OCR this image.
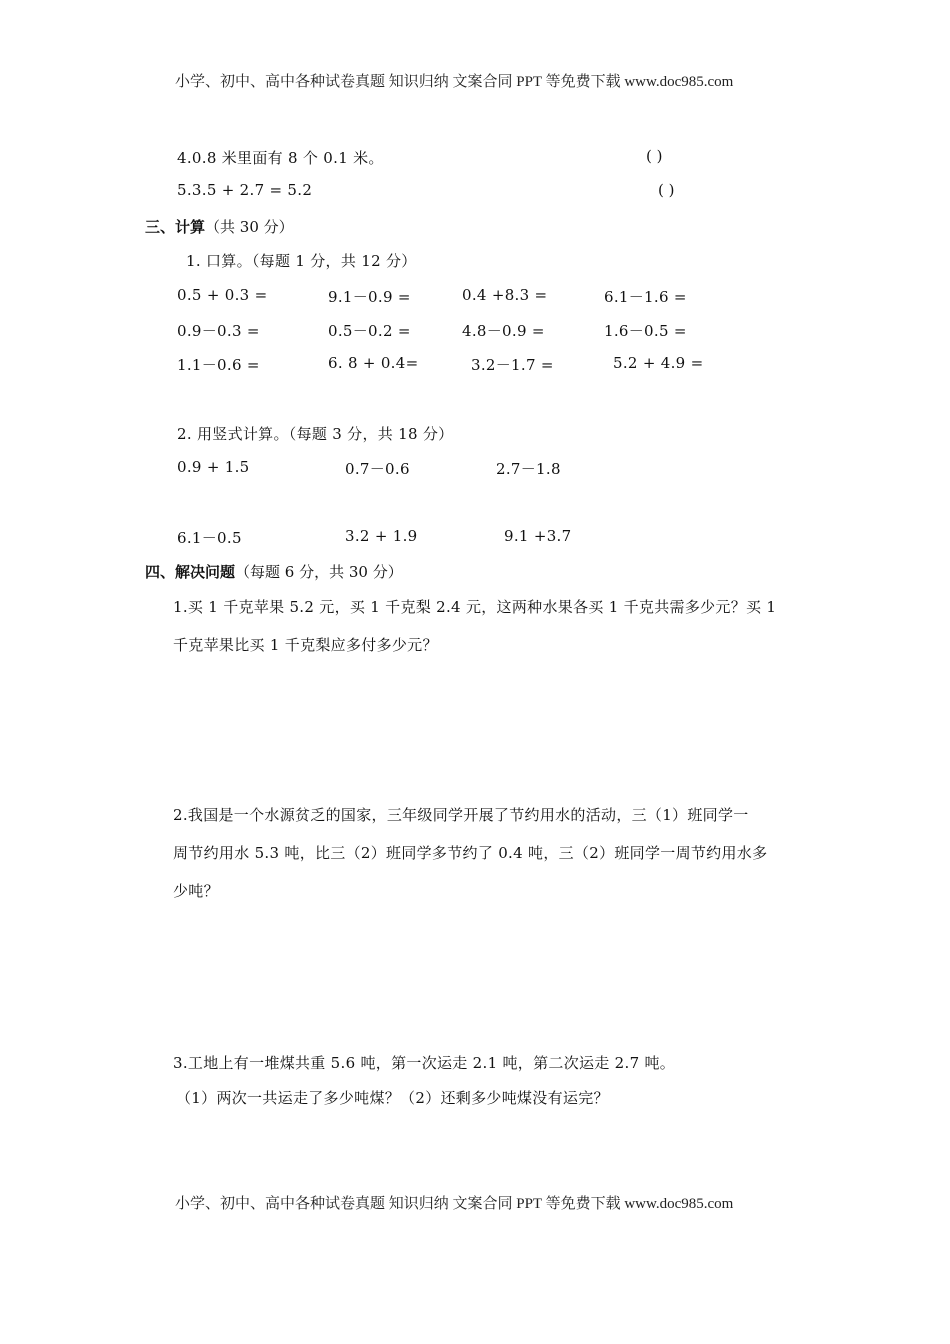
小学、初中、高中各种试卷真题 知识归纳 文案合同 PPT 等免费下载 www.doc985.com
4.0.8 米里面有 8 个 0.1 米。	( )
5.3.5 + 2.7 = 5.2	( )
三、计算（共 30 分）
1. 口算。（每题 1 分，共 12 分）
0.5 + 0.3 =	9.1－0.9 =	0.4 +8.3 =	6.1－1.6 =
0.9－0.3 =	0.5－0.2 =	4.8－0.9 =	1.6－0.5 =
1.1－0.6 =	6. 8 + 0.4=	3.2－1.7 =	5.2 + 4.9 =
2. 用竖式计算。（每题 3 分，共 18 分）
0.9 + 1.5	0.7－0.6	2.7－1.8
6.1－0.5	3.2 + 1.9	9.1 +3.7
四、解决问题（每题 6 分，共 30 分）
1.买 1 千克苹果 5.2 元，买 1 千克梨 2.4 元，这两种水果各买 1 千克共需多少元？买 1
千克苹果比买 1 千克梨应多付多少元？
2.我国是一个水源贫乏的国家，三年级同学开展了节约用水的活动，三（1）班同学一
周节约用水 5.3 吨，比三（2）班同学多节约了 0.4 吨，三（2）班同学一周节约用水多
少吨？
3.工地上有一堆煤共重 5.6 吨，第一次运走 2.1 吨，第二次运走 2.7 吨。
（1）两次一共运走了多少吨煤？（2）还剩多少吨煤没有运完？
小学、初中、高中各种试卷真题 知识归纳 文案合同 PPT 等免费下载 www.doc985.com
